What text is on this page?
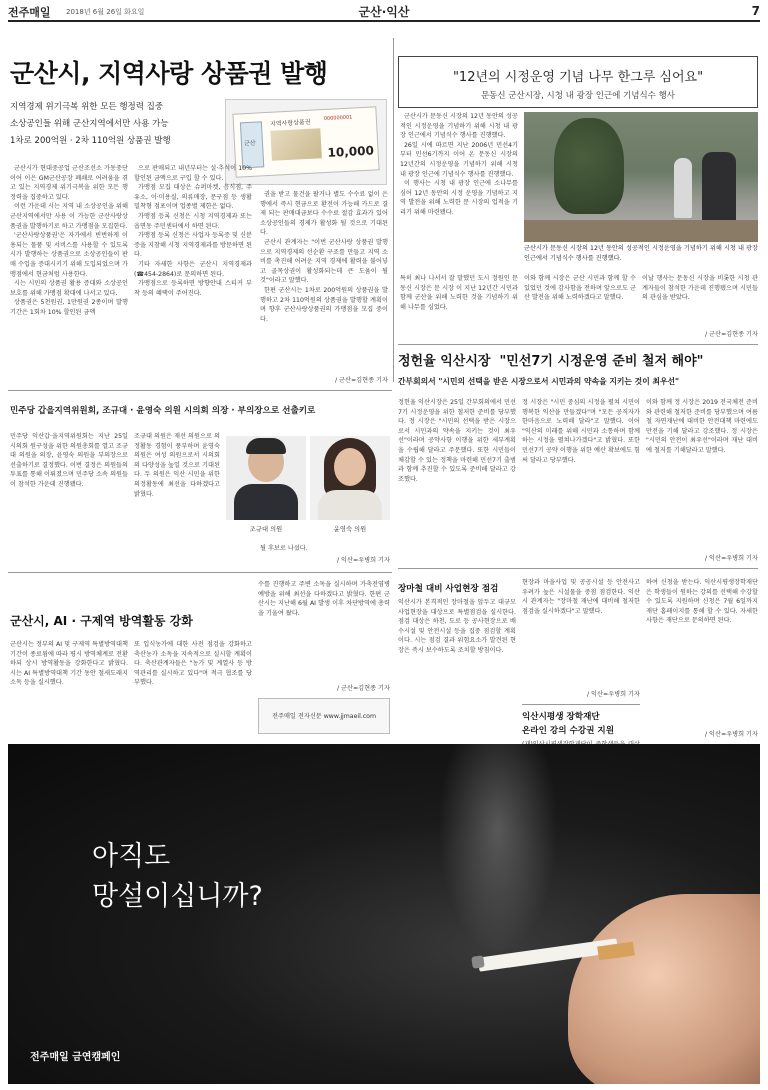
전주매일 2018년 6월 26일 화요일	군산·익산	7
군산시, 지역사랑 상품권 발행
지역경제 위기극복 위한 모든 행정력 집중
소상공인들 위해 군산지역에서만 사용 가능
1차로 200억원 · 2차 110억원 상품권 발행	군산
지역사랑상품권
000000001
10,000

군산시가 현대중공업 군산조선소 가동중단이어 이은 GM군산공장 폐쇄로 어려움을 겪고 있는 지역경제 위기극복을 위한 모든 행정력을 집중하고 있다.

이런 가운데 시는 지역 내 소상공인을 위해 군산지역에서만 사용 이 가능한 군산사랑상품권을 발행하기로 하고 가맹점을 모집한다.

'군산사랑상품권'은 자가에서 빈번하게 이용되는 물품 및 서비스를 사용할 수 있도록 시가 발행하는 상품권으로 소상공인들이 판매 수입을 증대시키기 위해 도입되었으며 가맹점에서 현금처럼 사용한다.

시는 시민의 상품권 활용 증대와 소상공인 보호를 위해 가맹점 확대에 나서고 있다.

상품권은 5천원권, 1만원권 2종이며 발행기간은 1회차 10% 할인된 금액

으로 판매되고 내년부터는 설·추석이 10% 할인된 금액으로 구입 할 수 있다.

가맹점 모집 대상은 슈퍼마켓, 음식점, 주유소, 이·미용실, 의류매장, 문구점 등 생활밀착형 점포이며 업종별 제한은 없다.

가맹점 등록 신청은 시청 지역경제과 또는 읍면동 주민센터에서 하면 된다.

가맹점 등록 신청은 사업자 등록증 및 신분증을 지참해 시청 지역경제과를 방문하면 된다.

기타 자세한 사항은 군산시 지역경제과(☎454-2864)로 문의하면 된다.

가맹점으로 등록하면 방향안내 스티커 부착 등의 혜택이 주어진다.

권을 받고 물건을 팔거나 별도 수수료 없이 은행에서 즉시 현금으로 환전이 가능해 카드로 결제 되는 판매대금보다 수수료 절감 효과가 있어 소상공인들의 경제가 활성화 될 것으로 기대된다.

군산시 관계자는 "이번 군산사랑 상품권 발행으로 지역경제의 선순환 구조를 만들고 지역 소비를 촉진해 어려운 지역 경제에 활력을 불어넣고 골목상권이 활성화되는데 큰 도움이 될 것"이라고 말했다.

한편 군산시는 1차로 200억원의 상품권을 발행하고 2차 110억원의 상품권을 발행할 계획이며 향후 군산사랑상품권의 가맹점을 모집 중이다.

/ 군산=김현종 기자
"12년의 시정운영 기념 나무 한그루 심어요"
문동신 군산시장, 시청 내 광장 인근에 기념식수 행사

군산시가 문동신 시장의 12년 동안의 성공적인 시정운영을 기념하기 위해 시청 내 광장 인근에서 기념식수 행사를 진행했다.

26일 시에 따르면 지난 2006년 민선4기부터 민선6기까지 이어 온 문동신 시장의 12년간의 시정운영을 기념하기 위해 시청 내 광장 인근에 기념식수 행사를 진행했다.

이 행사는 시청 내 광장 인근에 소나무를 심어 12년 동안의 시정 운영을 기념하고 지역 발전을 위해 노력한 문 시장의 업적을 기리기 위해 마련됐다.

군산시가 문동신 시장의 12년 동안의 성공적인 시정운영을 기념하기 위해 시청 내 광장 인근에서 기념식수 행사를 진행했다.
특히 최나 나서서 잘 말했던 도시 정원인 문동신 시장은 문 시장 이 지난 12년간 시민과 함께 군산을 위해 노력한 것을 기념하기 위해 나무를 심었다.
이와 함께 시장은 군산 시민과 함께 할 수 있었던 것에 감사함을 전하며 앞으로도 군산 발전을 위해 노력하겠다고 말했다.
이날 행사는 문동신 시장을 비롯한 시청 관계자들이 참석한 가운데 진행됐으며 시민들의 관심을 받았다.
/ 군산=김현종 기자
정헌율 익산시장  "민선7기 시정운영 준비 철저 해야"
간부회의서 "시민의 선택을 받은 시장으로서 시민과의 약속을 지키는 것이 최우선"
정헌율 익산시장은 25일 간부회의에서 민선7기 시정운영을 위한 철저한 준비를 당부했다. 정 시장은 "시민의 선택을 받은 시장으로서 시민과의 약속을 지키는 것이 최우선"이라며 공약사항 이행을 위한 세부계획을 수립해 달라고 주문했다. 또한 시민들이 체감할 수 있는 정책을 마련해 민선7기 출범과 함께 추진할 수 있도록 준비해 달라고 강조했다.
정 시장은 "시민 중심의 시정을 펼쳐 시민이 행복한 익산을 만들겠다"며 "모든 공직자가 한마음으로 노력해 달라"고 말했다. 이어 "익산의 미래를 위해 시민과 소통하며 함께하는 시정을 펼쳐나가겠다"고 밝혔다. 또한 민선7기 공약 이행을 위한 예산 확보에도 힘써 달라고 당부했다.
이와 함께 정 시장은 2019 전국체전 준비와 관련해 철저한 준비를 당부했으며 여름철 자연재난에 대비한 안전대책 마련에도 만전을 기해 달라고 강조했다. 정 시장은 "시민의 안전이 최우선"이라며 재난 대비에 철저를 기해달라고 말했다.
/ 익산=우병희 기자
민주당 갑을지역위원회, 조규대 · 윤영숙 의원 시의회 의장 · 부의장으로 선출키로
민주당 익산갑·을지역위원회는 지난 25일 시의회 원구성을 위한 의원총회를 열고 조규대 의원을 의장, 윤영숙 의원을 부의장으로 선출하기로 결정했다. 이번 결정은 의원들의 투표를 통해 이뤄졌으며 민주당 소속 의원들이 참석한 가운데 진행됐다.
조규대 의원은 재선 의원으로 의정활동 경험이 풍부하며 윤영숙 의원은 여성 의원으로서 시의회의 다양성을 높일 것으로 기대된다. 두 의원은 익산 시민을 위한 의정활동에 최선을 다하겠다고 밝혔다.
조규대 의원	윤영숙 의원
될 후보로 나섰다.
/ 익산=우병희 기자
군산시, AI · 구제역 방역활동 강화
군산시는 정부의 AI 및 구제역 특별방역대책 기간이 종료됨에 따라 평시 방역체계로 전환하되 상시 방역활동을 강화한다고 밝혔다. 시는 AI 특별방역대책 기간 동안 철새도래지 소독 등을 실시했다.
또 입식농가에 대한 사전 점검을 강화하고 축산농가 소독을 지속적으로 실시할 계획이다. 축산관계자들은 "농가 및 계열사 등 방역관리를 실시하고 있다"며 적극 협조를 당부했다.
수를 진행하고 주변 소독을 실시하며 가축전염병 예방을 위해 최선을 다하겠다고 밝혔다. 한편 군산시는 지난해 6월 AI 발생 이후 차단방역에 총력을 기울여 왔다.
/ 군산=김현종 기자
전주매일 전자신문 www.jjmaeil.com
장마철 대비 사업현장 점검
익산시가 본격적인 장마철을 앞두고 대규모 사업현장을 대상으로 특별점검을 실시한다. 점검 대상은 하천, 도로 등 공사현장으로 배수시설 및 안전시설 등을 집중 점검할 계획이다. 시는 점검 결과 위험요소가 발견된 현장은 즉시 보수하도록 조치할 방침이다.
현장과 마을사업 및 공공시설 등 안전사고 우려가 높은 시설물을 중점 점검한다. 익산시 관계자는 "장마철 재난에 대비해 철저한 점검을 실시하겠다"고 말했다.
/ 익산=우병희 기자
익산시평생 장학재단
온라인 강의 수강권 지원
하여 신청을 받는다. 익산시평생장학재단은 학생들이 원하는 강의를 선택해 수강할 수 있도록 지원하며 신청은 7월 6일까지 재단 홈페이지를 통해 할 수 있다. 자세한 사항은 재단으로 문의하면 된다.
/ 익산=우병희 기자
아직도
망설이십니까?
전주매일 금연캠페인
